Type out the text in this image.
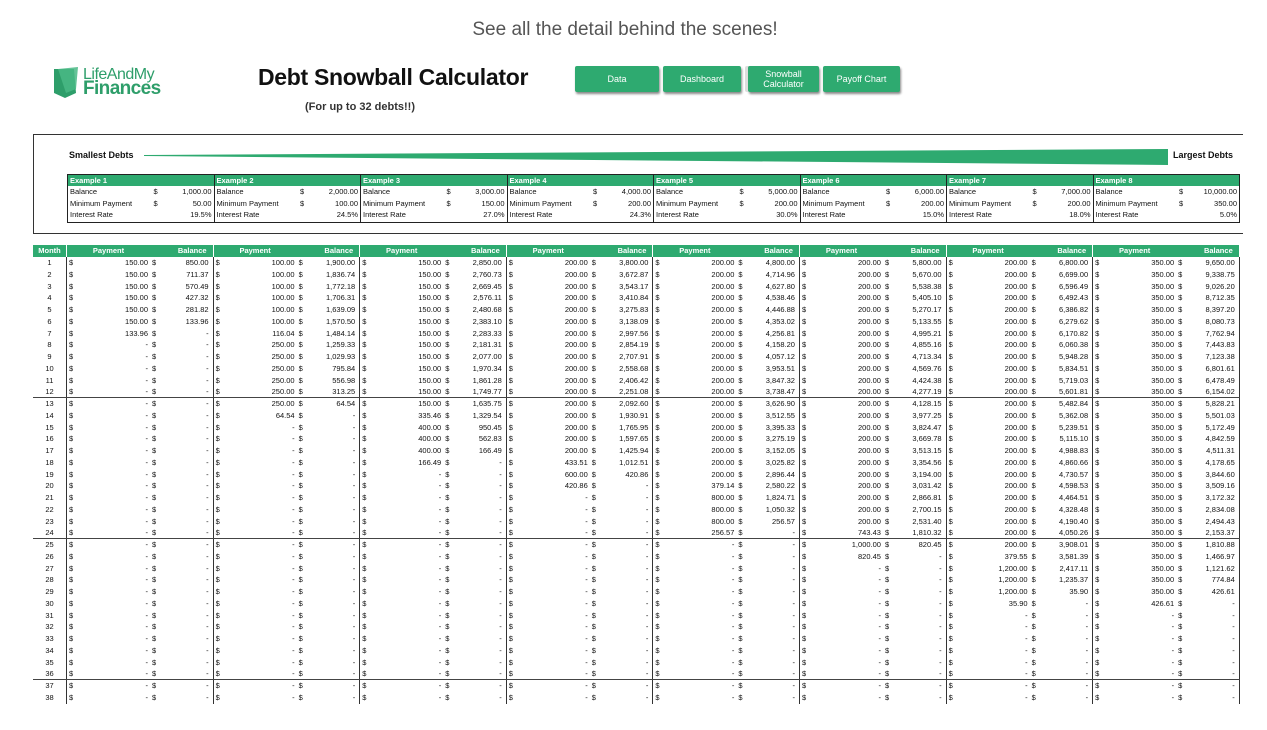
See all the detail behind the scenes!
LifeAndMy
Finances	Debt Snowball Calculator
(For up to 32 debts!!)
Data	Dashboard	Snowball Calculator	Payoff Chart
Smallest Debts	Largest Debts
Example 1
Balance	$	1,000.00
Minimum Payment	$	50.00
Interest Rate	19.5%
Example 2
Balance	$	2,000.00
Minimum Payment	$	100.00
Interest Rate	24.5%
Example 3
Balance	$	3,000.00
Minimum Payment	$	150.00
Interest Rate	27.0%
Example 4
Balance	$	4,000.00
Minimum Payment	$	200.00
Interest Rate	24.3%
Example 5
Balance	$	5,000.00
Minimum Payment	$	200.00
Interest Rate	30.0%
Example 6
Balance	$	6,000.00
Minimum Payment	$	200.00
Interest Rate	15.0%
Example 7
Balance	$	7,000.00
Minimum Payment	$	200.00
Interest Rate	18.0%
Example 8
Balance	$	10,000.00
Minimum Payment	$	350.00
Interest Rate	5.0%
Month	Payment	Balance	Payment	Balance	Payment	Balance	Payment	Balance	Payment	Balance	Payment	Balance	Payment	Balance	Payment	Balance
1	$	150.00 $	850.00 $	100.00 $	1,900.00 $	150.00 $	2,850.00 $	200.00 $	3,800.00 $	200.00 $	4,800.00 $	200.00 $	5,800.00 $	200.00 $	6,800.00 $	350.00 $	9,650.00
2	$	150.00 $	711.37 $	100.00 $	1,836.74 $	150.00 $	2,760.73 $	200.00 $	3,672.87 $	200.00 $	4,714.96 $	200.00 $	5,670.00 $	200.00 $	6,699.00 $	350.00 $	9,338.75
3	$	150.00 $	570.49 $	100.00 $	1,772.18 $	150.00 $	2,669.45 $	200.00 $	3,543.17 $	200.00 $	4,627.80 $	200.00 $	5,538.38 $	200.00 $	6,596.49 $	350.00 $	9,026.20
4	$	150.00 $	427.32 $	100.00 $	1,706.31 $	150.00 $	2,576.11 $	200.00 $	3,410.84 $	200.00 $	4,538.46 $	200.00 $	5,405.10 $	200.00 $	6,492.43 $	350.00 $	8,712.35
5	$	150.00 $	281.82 $	100.00 $	1,639.09 $	150.00 $	2,480.68 $	200.00 $	3,275.83 $	200.00 $	4,446.88 $	200.00 $	5,270.17 $	200.00 $	6,386.82 $	350.00 $	8,397.20
6	$	150.00 $	133.96 $	100.00 $	1,570.50 $	150.00 $	2,383.10 $	200.00 $	3,138.09 $	200.00 $	4,353.02 $	200.00 $	5,133.55 $	200.00 $	6,279.62 $	350.00 $	8,080.73
7	$	133.96 $	- $	116.04 $	1,484.14 $	150.00 $	2,283.33 $	200.00 $	2,997.56 $	200.00 $	4,256.81 $	200.00 $	4,995.21 $	200.00 $	6,170.82 $	350.00 $	7,762.94
8	$	- $	- $	250.00 $	1,259.33 $	150.00 $	2,181.31 $	200.00 $	2,854.19 $	200.00 $	4,158.20 $	200.00 $	4,855.16 $	200.00 $	6,060.38 $	350.00 $	7,443.83
9	$	- $	- $	250.00 $	1,029.93 $	150.00 $	2,077.00 $	200.00 $	2,707.91 $	200.00 $	4,057.12 $	200.00 $	4,713.34 $	200.00 $	5,948.28 $	350.00 $	7,123.38
10	$	- $	- $	250.00 $	795.84 $	150.00 $	1,970.34 $	200.00 $	2,558.68 $	200.00 $	3,953.51 $	200.00 $	4,569.76 $	200.00 $	5,834.51 $	350.00 $	6,801.61
11	$	- $	- $	250.00 $	556.98 $	150.00 $	1,861.28 $	200.00 $	2,406.42 $	200.00 $	3,847.32 $	200.00 $	4,424.38 $	200.00 $	5,719.03 $	350.00 $	6,478.49
12	$	- $	- $	250.00 $	313.25 $	150.00 $	1,749.77 $	200.00 $	2,251.08 $	200.00 $	3,738.47 $	200.00 $	4,277.19 $	200.00 $	5,601.81 $	350.00 $	6,154.02
13	$	- $	- $	250.00 $	64.54 $	150.00 $	1,635.75 $	200.00 $	2,092.60 $	200.00 $	3,626.90 $	200.00 $	4,128.15 $	200.00 $	5,482.84 $	350.00 $	5,828.21
14	$	- $	- $	64.54 $	- $	335.46 $	1,329.54 $	200.00 $	1,930.91 $	200.00 $	3,512.55 $	200.00 $	3,977.25 $	200.00 $	5,362.08 $	350.00 $	5,501.03
15	$	- $	- $	- $	- $	400.00 $	950.45 $	200.00 $	1,765.95 $	200.00 $	3,395.33 $	200.00 $	3,824.47 $	200.00 $	5,239.51 $	350.00 $	5,172.49
16	$	- $	- $	- $	- $	400.00 $	562.83 $	200.00 $	1,597.65 $	200.00 $	3,275.19 $	200.00 $	3,669.78 $	200.00 $	5,115.10 $	350.00 $	4,842.59
17	$	- $	- $	- $	- $	400.00 $	166.49 $	200.00 $	1,425.94 $	200.00 $	3,152.05 $	200.00 $	3,513.15 $	200.00 $	4,988.83 $	350.00 $	4,511.31
18	$	- $	- $	- $	- $	166.49 $	- $	433.51 $	1,012.51 $	200.00 $	3,025.82 $	200.00 $	3,354.56 $	200.00 $	4,860.66 $	350.00 $	4,178.65
19	$	- $	- $	- $	- $	- $	- $	600.00 $	420.86 $	200.00 $	2,896.44 $	200.00 $	3,194.00 $	200.00 $	4,730.57 $	350.00 $	3,844.60
20	$	- $	- $	- $	- $	- $	- $	420.86 $	- $	379.14 $	2,580.22 $	200.00 $	3,031.42 $	200.00 $	4,598.53 $	350.00 $	3,509.16
21	$	- $	- $	- $	- $	- $	- $	- $	- $	800.00 $	1,824.71 $	200.00 $	2,866.81 $	200.00 $	4,464.51 $	350.00 $	3,172.32
22	$	- $	- $	- $	- $	- $	- $	- $	- $	800.00 $	1,050.32 $	200.00 $	2,700.15 $	200.00 $	4,328.48 $	350.00 $	2,834.08
23	$	- $	- $	- $	- $	- $	- $	- $	- $	800.00 $	256.57 $	200.00 $	2,531.40 $	200.00 $	4,190.40 $	350.00 $	2,494.43
24	$	- $	- $	- $	- $	- $	- $	- $	- $	256.57 $	- $	743.43 $	1,810.32 $	200.00 $	4,050.26 $	350.00 $	2,153.37
25	$	- $	- $	- $	- $	- $	- $	- $	- $	- $	- $	1,000.00 $	820.45 $	200.00 $	3,908.01 $	350.00 $	1,810.88
26	$	- $	- $	- $	- $	- $	- $	- $	- $	- $	- $	820.45 $	- $	379.55 $	3,581.39 $	350.00 $	1,466.97
27	$	- $	- $	- $	- $	- $	- $	- $	- $	- $	- $	- $	- $	1,200.00 $	2,417.11 $	350.00 $	1,121.62
28	$	- $	- $	- $	- $	- $	- $	- $	- $	- $	- $	- $	- $	1,200.00 $	1,235.37 $	350.00 $	774.84
29	$	- $	- $	- $	- $	- $	- $	- $	- $	- $	- $	- $	- $	1,200.00 $	35.90 $	350.00 $	426.61
30	$	- $	- $	- $	- $	- $	- $	- $	- $	- $	- $	- $	- $	35.90 $	- $	426.61 $	-
31	$	- $	- $	- $	- $	- $	- $	- $	- $	- $	- $	- $	- $	- $	- $	- $	-
32	$	- $	- $	- $	- $	- $	- $	- $	- $	- $	- $	- $	- $	- $	- $	- $	-
33	$	- $	- $	- $	- $	- $	- $	- $	- $	- $	- $	- $	- $	- $	- $	- $	-
34	$	- $	- $	- $	- $	- $	- $	- $	- $	- $	- $	- $	- $	- $	- $	- $	-
35	$	- $	- $	- $	- $	- $	- $	- $	- $	- $	- $	- $	- $	- $	- $	- $	-
36	$	- $	- $	- $	- $	- $	- $	- $	- $	- $	- $	- $	- $	- $	- $	- $	-
37	$	- $	- $	- $	- $	- $	- $	- $	- $	- $	- $	- $	- $	- $	- $	- $	-
38	$	- $	- $	- $	- $	- $	- $	- $	- $	- $	- $	- $	- $	- $	- $	- $	-
